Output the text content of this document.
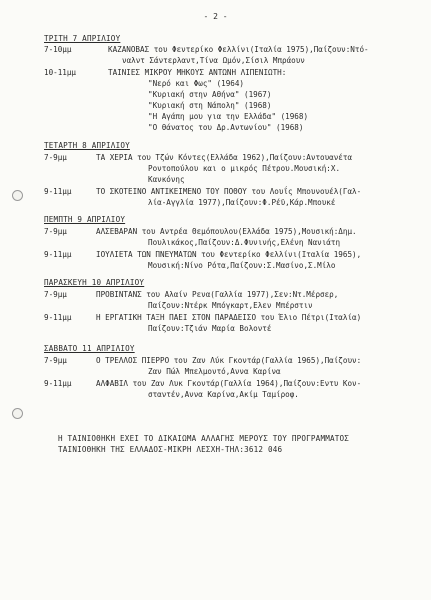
- 2 -
ΤΡΙΤΗ 7 ΑΠΡΙΛΙΟΥ
7-10μμ	ΚΑΖΑΝΟΒΑΣ του Φεντερίκο Φελλίνι(Ιταλία 1975),Παίζουν:Ντό-
ναλντ Σάντερλαντ,Τίνα Ωμόν,Σίσιλ Μπράουν
10-11μμ	ΤΑΙΝΙΕΣ ΜΙΚΡΟΥ ΜΗΚΟΥΣ ΑΝΤΩΝΗ ΛΙΠΕΝΙΩΤΗ:
"Νερό και Φως" (1964)
"Κυριακή στην Αθήνα" (1967)
"Κυριακή στη Νάπολη" (1968)
"Η Αγάπη μου για την Ελλάδα" (1968)
"Ο θάνατος του Δρ.Αντωνίου" (1968)
ΤΕΤΑΡΤΗ 8 ΑΠΡΙΛΙΟΥ
7-9μμ	ΤΑ ΧΕΡΙΑ του Τζών Κόντες(Ελλάδα 1962),Παίζουν:Αντουανέτα
Ροντοπούλου και ο μικρός Πέτρου.Μουσική:Χ.
Κανκόνης
9-11μμ	ΤΟ ΣΚΟΤΕΙΝΟ ΑΝΤΙΚΕΙΜΕΝΟ ΤΟΥ ΠΟΘΟΥ του Λουΐς Μπουνουέλ(Γαλ-
λία-Αγγλία 1977),Παίζουν:Φ.Ρέϋ,Κάρ.Μπουκέ
ΠΕΜΠΤΗ 9 ΑΠΡΙΛΙΟΥ
7-9μμ	ΑΛΣΕΒΑΡΑΝ του Αντρέα Θεμόπουλου(Ελλάδα 1975),Μουσική:Δημ.
Πουλικάκος,Παίζουν:Δ.Φυνινής,Ελένη Νανιάτη
9-11μμ	ΙΟΥΛΙΕΤΑ ΤΩΝ ΠΝΕΥΜΑΤΩΝ του Φεντερίκο Φελλίνι(Ιταλία 1965),
Μουσική:Νίνο Ρότα,Παίζουν:Σ.Μασίνο,Σ.Μίλο
ΠΑΡΑΣΚΕΥΗ 10 ΑΠΡΙΛΙΟΥ
7-9μμ	ΠΡΟΒΙΝΤΑΝΣ του Αλαίν Ρενα(Γαλλία 1977),Σεν:Ντ.Μέρσερ,
Παίζουν:Ντέρκ Μπόγκαρτ,Ελεν Μπέρστιν
9-11μμ	Η ΕΡΓΑΤΙΚΗ ΤΑΞΗ ΠΑΕΙ ΣΤΟΝ ΠΑΡΑΔΕΙΣΟ του Έλιο Πέτρι(Ιταλία)
Παίζουν:Τζιάν Μαρία Βολοντέ
ΣΑΒΒΑΤΟ 11 ΑΠΡΙΛΙΟΥ
7-9μμ	Ο ΤΡΕΛΛΟΣ ΠΙΕΡΡΟ του Ζαν Λύκ Γκοντάρ(Γαλλία 1965),Παίζουν:
Ζαν Πώλ Μπελμοντό,Αννα Καρίνα
9-11μμ	ΑΛΦΑΒΙΛ του Ζαν Λυκ Γκοντάρ(Γαλλία 1964),Παίζουν:Εντυ Κον-
σταντέν,Αννα Καρίνα,Ακίμ Ταμίροφ.
Η ΤΑΙΝΙΟΘΗΚΗ ΕΧΕΙ ΤΟ ΔΙΚΑΙΩΜΑ ΑΛΛΑΓΗΣ ΜΕΡΟΥΣ ΤΟΥ ΠΡΟΓΡΑΜΜΑΤΟΣ
ΤΑΙΝΙΟΘΗΚΗ ΤΗΣ ΕΛΛΑΔΟΣ-ΜΙΚΡΗ ΛΕΣΧΗ-ΤΗΛ:3612 046
